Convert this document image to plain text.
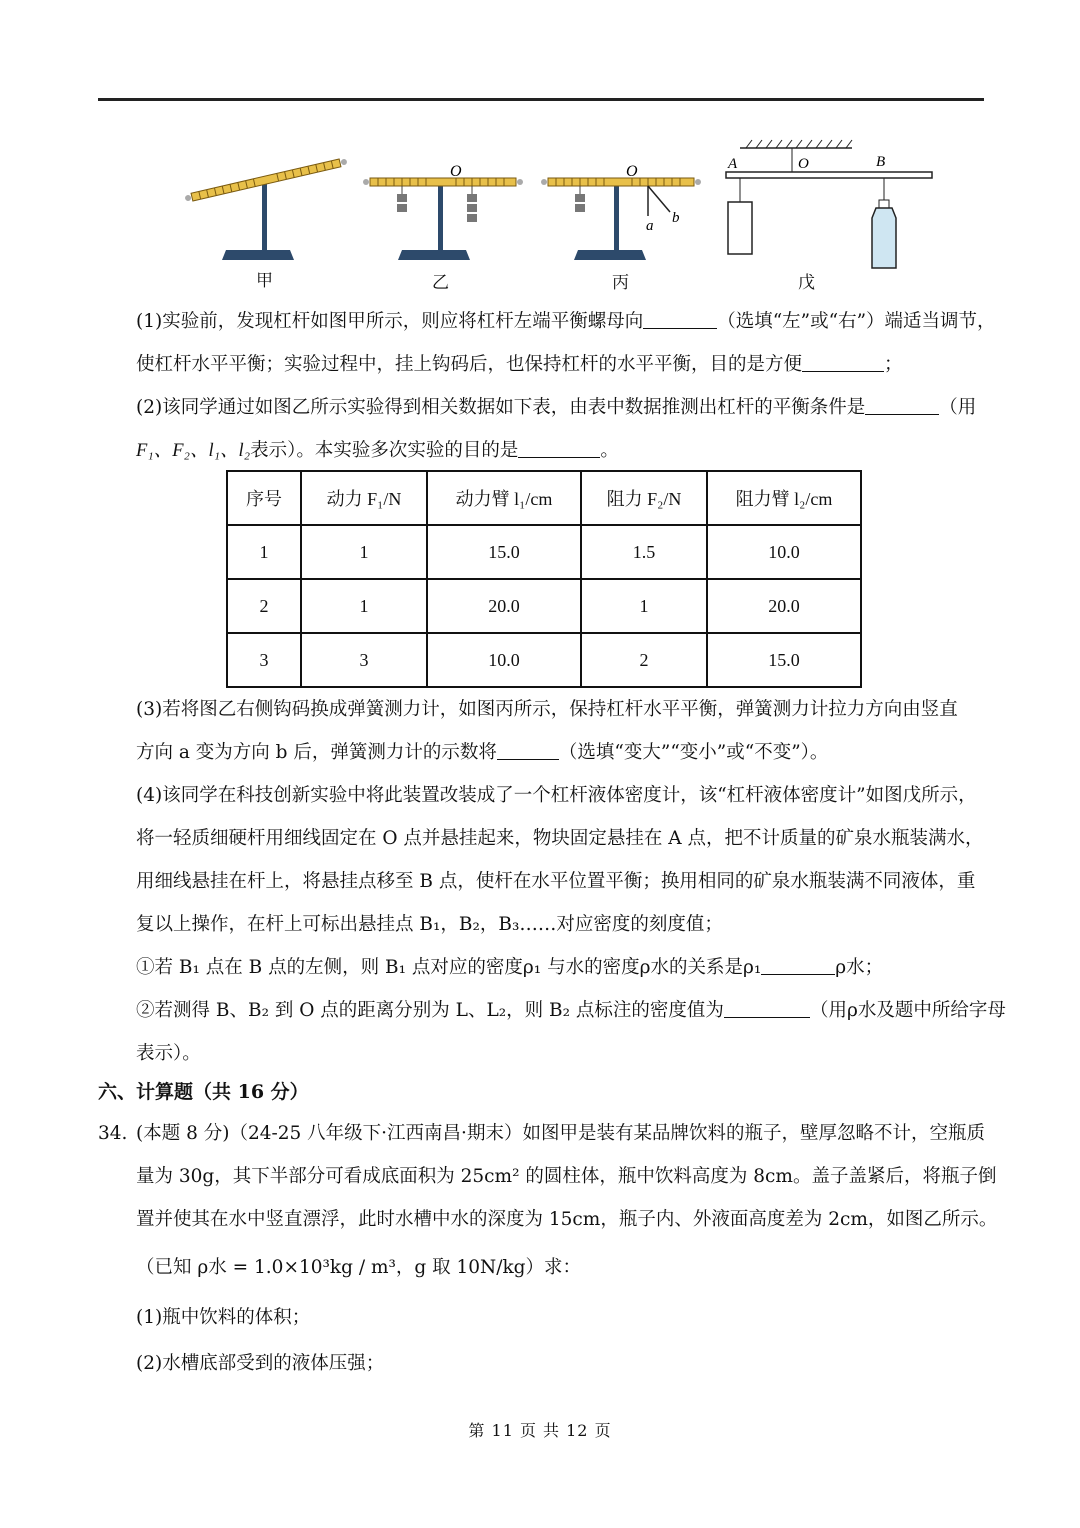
O	O
a b
A	O	B
甲	乙	丙	戊
(1)实验前，发现杠杆如图甲所示，则应将杠杆左端平衡螺母向	（选填“左”或“右”）端适当调节，
使杠杆水平平衡；实验过程中，挂上钩码后，也保持杠杆的水平平衡，目的是方便	；
(2)该同学通过如图乙所示实验得到相关数据如下表，由表中数据推测出杠杆的平衡条件是	（用
F₁、F₂、l₁、l₂表示）。本实验多次实验的目的是	。
序号	动力 F₁/N	动力臂 l₁/cm	阻力 F₂/N	阻力臂 l₂/cm
1	1	15.0	1.5	10.0
2	1	20.0	1	20.0
3	3	10.0	2	15.0
(3)若将图乙右侧钩码换成弹簧测力计，如图丙所示，保持杠杆水平平衡，弹簧测力计拉力方向由竖直
方向 a 变为方向 b 后，弹簧测力计的示数将	（选填“变大”“变小”或“不变”）。
(4)该同学在科技创新实验中将此装置改装成了一个杠杆液体密度计，该“杠杆液体密度计”如图戊所示，
将一轻质细硬杆用细线固定在 O 点并悬挂起来，物块固定悬挂在 A 点，把不计质量的矿泉水瓶装满水，
用细线悬挂在杆上，将悬挂点移至 B 点，使杆在水平位置平衡；换用相同的矿泉水瓶装满不同液体，重
复以上操作，在杆上可标出悬挂点 B₁，B₂，B₃……对应密度的刻度值；
①若 B₁ 点在 B 点的左侧，则 B₁ 点对应的密度ρ₁ 与水的密度ρ水的关系是ρ₁	ρ水；
②若测得 B、B₂ 到 O 点的距离分别为 L、L₂，则 B₂ 点标注的密度值为	（用ρ水及题中所给字母
表示）。
六、计算题（共 16 分）
34. (本题 8 分)（24-25 八年级下·江西南昌·期末）如图甲是装有某品牌饮料的瓶子，壁厚忽略不计，空瓶质
量为 30g，其下半部分可看成底面积为 25cm² 的圆柱体，瓶中饮料高度为 8cm。盖子盖紧后，将瓶子倒
置并使其在水中竖直漂浮，此时水槽中水的深度为 15cm，瓶子内、外液面高度差为 2cm，如图乙所示。
（已知 ρ水 = 1.0×10³kg / m³，g 取 10N/kg）求：
(1)瓶中饮料的体积；
(2)水槽底部受到的液体压强；
第 11 页 共 12 页
